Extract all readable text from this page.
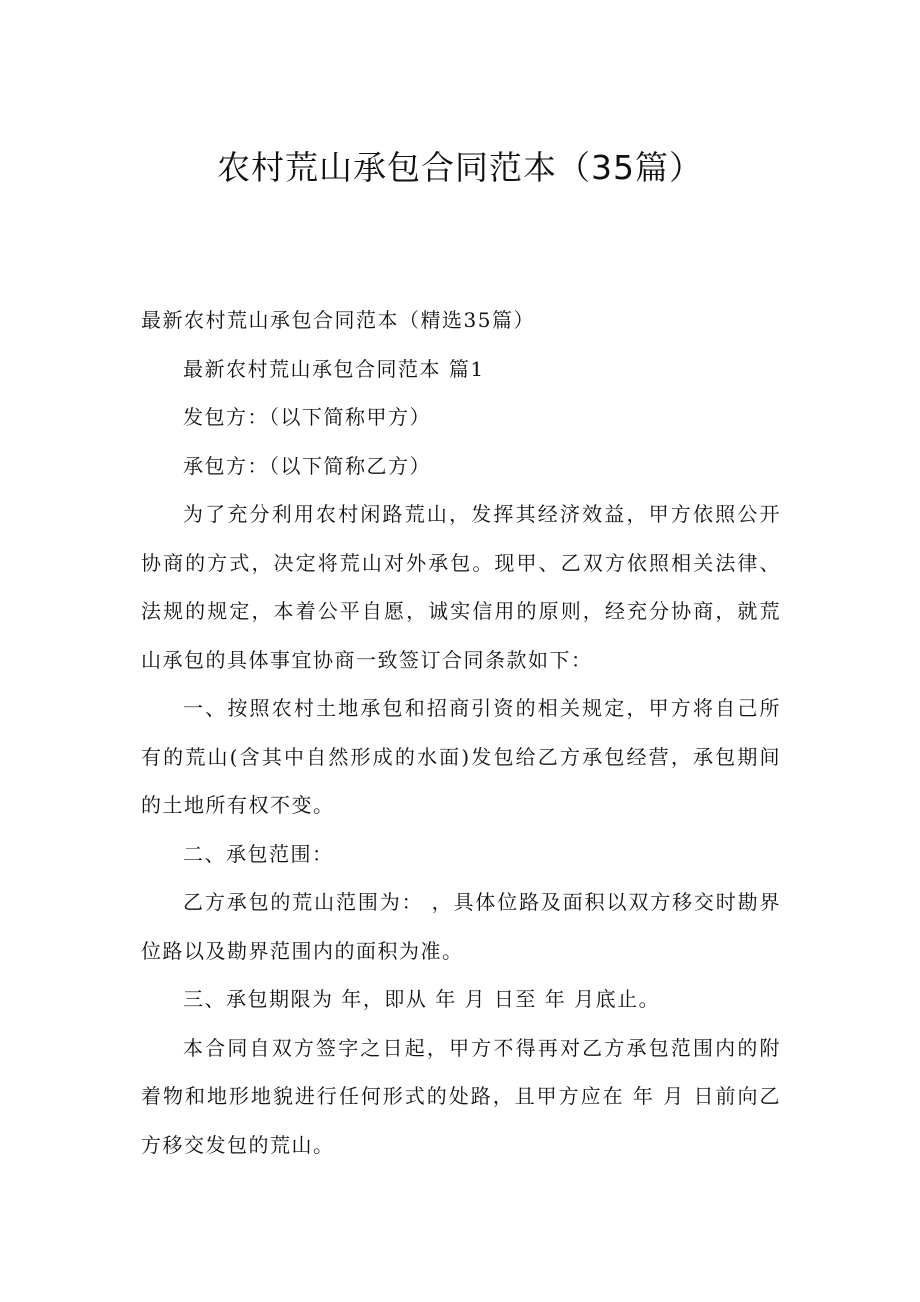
农村荒山承包合同范本（35篇）

最新农村荒山承包合同范本（精选35篇）

最新农村荒山承包合同范本 篇1

发包方：（以下简称甲方）

承包方：（以下简称乙方）

为了充分利用农村闲路荒山，发挥其经济效益，甲方依照公开协商的方式，决定将荒山对外承包。现甲、乙双方依照相关法律、法规的规定，本着公平自愿，诚实信用的原则，经充分协商，就荒山承包的具体事宜协商一致签订合同条款如下：

一、按照农村土地承包和招商引资的相关规定，甲方将自己所有的荒山(含其中自然形成的水面)发包给乙方承包经营，承包期间的土地所有权不变。

二、承包范围：

乙方承包的荒山范围为： ，具体位路及面积以双方移交时勘界位路以及勘界范围内的面积为准。

三、承包期限为 年，即从 年 月 日至 年 月底止。

本合同自双方签字之日起，甲方不得再对乙方承包范围内的附着物和地形地貌进行任何形式的处路，且甲方应在 年 月 日前向乙方移交发包的荒山。
